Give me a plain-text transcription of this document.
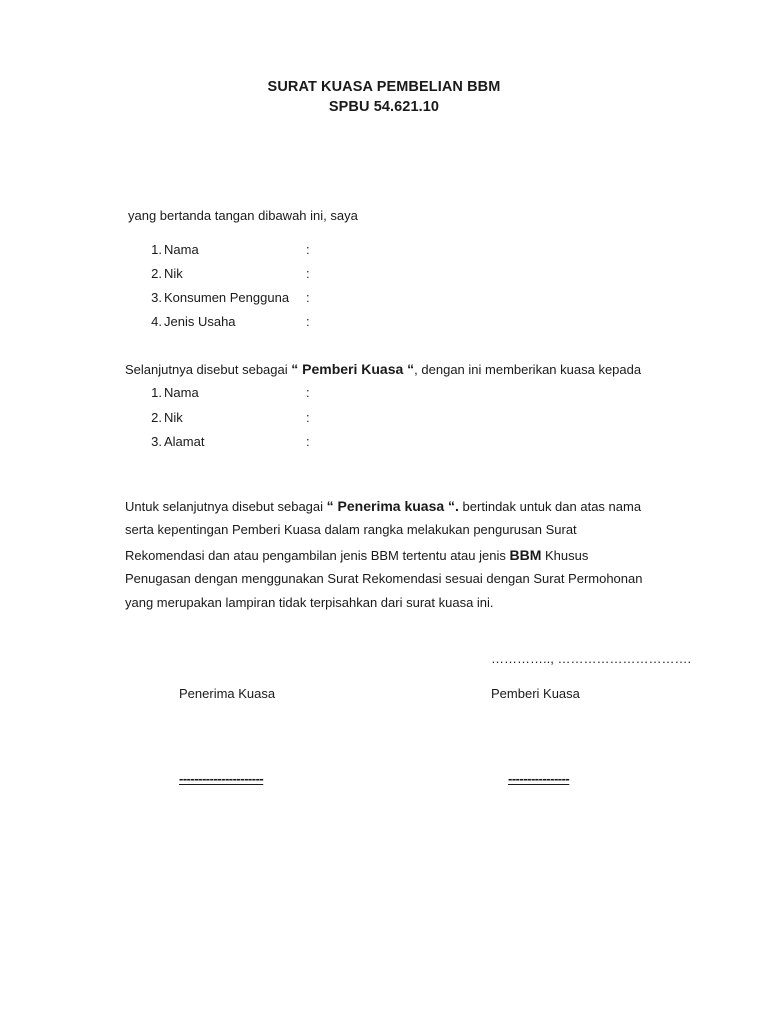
SURAT KUASA PEMBELIAN BBM
SPBU 54.621.10
yang bertanda tangan dibawah ini, saya
1. Nama	:
2. Nik	:
3. Konsumen Pengguna :
4. Jenis Usaha	:
Selanjutnya disebut sebagai “ Pemberi Kuasa “, dengan ini memberikan kuasa kepada
1. Nama	:
2. Nik	:
3. Alamat	:
Untuk selanjutnya disebut sebagai “ Penerima kuasa “. bertindak untuk dan atas nama
serta kepentingan Pemberi Kuasa dalam rangka melakukan pengurusan Surat
Rekomendasi dan atau pengambilan jenis BBM tertentu atau jenis BBM Khusus
Penugasan dengan menggunakan Surat Rekomendasi sesuai dengan Surat Permohonan
yang merupakan lampiran tidak terpisahkan dari surat kuasa ini.
………….., ………………………….
Penerima Kuasa	Pemberi Kuasa
----------------------	----------------
